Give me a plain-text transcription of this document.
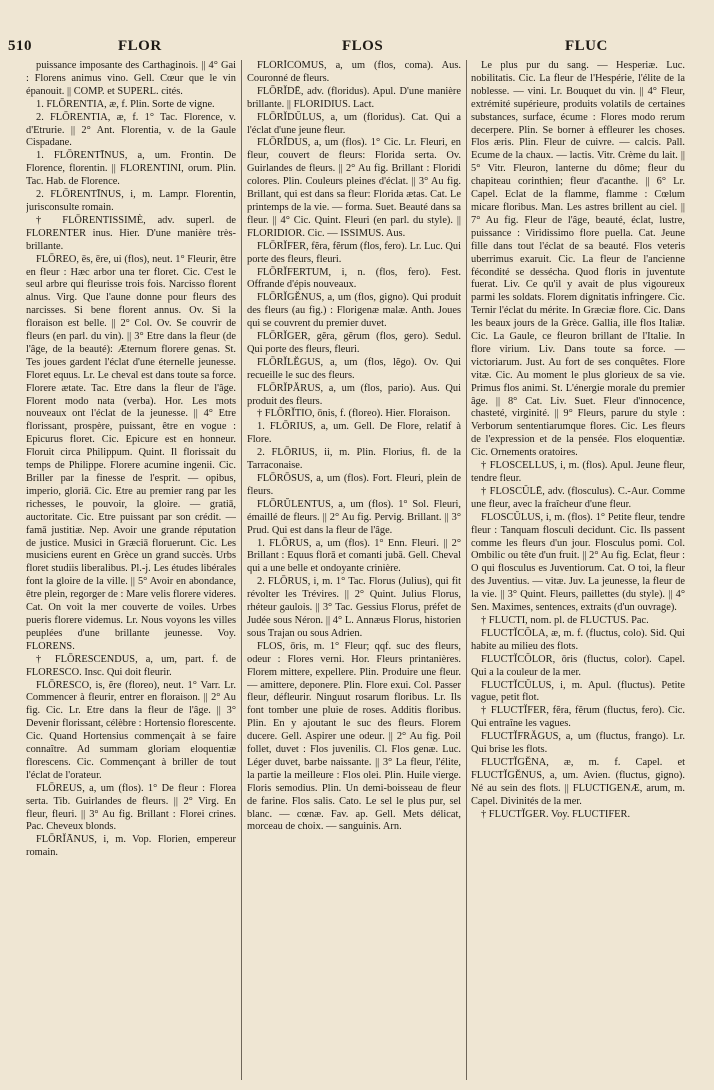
510	FLOR	FLOS	FLUC

puissance imposante des Carthaginois. || 4° Gai : Florens animus vino. Gell. Cœur que le vin épanouit. || COMP. et SUPERL. cités.

1. FLŌRENTIA, æ, f. Plin. Sorte de vigne.

2. FLŌRENTIA, æ, f. 1° Tac. Florence, v. d'Etrurie. || 2° Ant. Florentia, v. de la Gaule Cispadane.

1. FLŌRENTĪNUS, a, um. Frontin. De Florence, florentin. || FLORENTINI, orum. Plin. Tac. Hab. de Florence.

2. FLŌRENTĪNUS, i, m. Lampr. Florentin, jurisconsulte romain.

† FLŌRENTISSIMÈ, adv. superl. de FLORENTER inus. Hier. D'une manière très-brillante.

FLŌREO, ēs, ēre, ui (flos), neut. 1° Fleurir, être en fleur : Hæc arbor una ter floret. Cic. C'est le seul arbre qui fleurisse trois fois. Narcisso florent alnus. Virg. Que l'aune donne pour fleurs des narcisses. Si bene florent annus. Ov. Si la floraison est belle. || 2° Col. Ov. Se couvrir de fleurs (en parl. du vin). || 3° Etre dans la fleur (de l'âge, de la beauté): Æternum florere genas. St. Tes joues gardent l'éclat d'une éternelle jeunesse. Floret equus. Lr. Le cheval est dans toute sa force. Florere ætate. Tac. Etre dans la fleur de l'âge. Florent modo nata (verba). Hor. Les mots nouveaux ont l'éclat de la jeunesse. || 4° Etre florissant, prospère, puissant, être en vogue : Epicurus floret. Cic. Epicure est en honneur. Floruit circa Philippum. Quint. Il florissait du temps de Philippe. Florere acumine ingenii. Cic. Briller par la finesse de l'esprit. — opibus, imperio, gloriā. Cic. Etre au premier rang par les richesses, le pouvoir, la gloire. — gratiā, auctoritate. Cic. Etre puissant par son crédit. — famā justitiæ. Nep. Avoir une grande réputation de justice. Musici in Græciā floruerunt. Cic. Les musiciens eurent en Grèce un grand succès. Urbs floret studiis liberalibus. Pl.-j. Les études libérales font la gloire de la ville. || 5° Avoir en abondance, être plein, regorger de : Mare velis florere videres. Cat. On voit la mer couverte de voiles. Urbes pueris florere videmus. Lr. Nous voyons les villes peuplées d'une brillante jeunesse. Voy. FLORENS.

† FLŌRESCENDUS, a, um, part. f. de FLORESCO. Insc. Qui doit fleurir.

FLŌRESCO, is, ĕre (floreo), neut. 1° Varr. Lr. Commencer à fleurir, entrer en floraison. || 2° Au fig. Cic. Lr. Etre dans la fleur de l'âge. || 3° Devenir florissant, célèbre : Hortensio florescente. Cic. Quand Hortensius commençait à se faire connaître. Ad summam gloriam eloquentiæ florescens. Cic. Commençant à briller de tout l'éclat de l'orateur.

FLŌREUS, a, um (flos). 1° De fleur : Florea serta. Tib. Guirlandes de fleurs. || 2° Virg. En fleur, fleuri. || 3° Au fig. Brillant : Florei crines. Pac. Cheveux blonds.

FLŌRĬĀNUS, i, m. Vop. Florien, empereur romain.

FLŌRĬCŌMUS, a, um (flos, coma). Aus. Couronné de fleurs.

FLŌRĬDĒ, adv. (floridus). Apul. D'une manière brillante. || FLORIDIUS. Lact.

FLŌRĬDŬLUS, a, um (floridus). Cat. Qui a l'éclat d'une jeune fleur.

FLŌRĬDUS, a, um (flos). 1° Cic. Lr. Fleuri, en fleur, couvert de fleurs: Florida serta. Ov. Guirlandes de fleurs. || 2° Au fig. Brillant : Floridi colores. Plin. Couleurs pleines d'éclat. || 3° Au fig. Brillant, qui est dans sa fleur: Florida ætas. Cat. Le printemps de la vie. — forma. Suet. Beauté dans sa fleur. || 4° Cic. Quint. Fleuri (en parl. du style). || FLORIDIOR. Cic. — ISSIMUS. Aus.

FLŌRĬFER, fĕra, fĕrum (flos, fero). Lr. Luc. Qui porte des fleurs, fleuri.

FLŌRĬFERTUM, i, n. (flos, fero). Fest. Offrande d'épis nouveaux.

FLŌRĬGĔNUS, a, um (flos, gigno). Qui produit des fleurs (au fig.) : Florigenæ malæ. Anth. Joues qui se couvrent du premier duvet.

FLŌRĬGER, gĕra, gĕrum (flos, gero). Sedul. Qui porte des fleurs, fleuri.

FLŌRĬLĔGUS, a, um (flos, lĕgo). Ov. Qui recueille le suc des fleurs.

FLŌRĬPĂRUS, a, um (flos, pario). Aus. Qui produit des fleurs.

† FLŌRĬTIO, ōnis, f. (floreo). Hier. Floraison.

1. FLŌRIUS, a, um. Gell. De Flore, relatif à Flore.

2. FLŌRIUS, ii, m. Plin. Florius, fl. de la Tarraconaise.

FLŌRŌSUS, a, um (flos). Fort. Fleuri, plein de fleurs.

FLŌRŬLENTUS, a, um (flos). 1° Sol. Fleuri, émaillé de fleurs. || 2° Au fig. Pervig. Brillant. || 3° Prud. Qui est dans la fleur de l'âge.

1. FLŌRUS, a, um (flos). 1° Enn. Fleuri. || 2° Brillant : Equus florā et comanti jubā. Gell. Cheval qui a une belle et ondoyante crinière.

2. FLŌRUS, i, m. 1° Tac. Florus (Julius), qui fit révolter les Trévires. || 2° Quint. Julius Florus, rhéteur gaulois. || 3° Tac. Gessius Florus, préfet de Judée sous Néron. || 4° L. Annæus Florus, historien sous Trajan ou sous Adrien.

FLOS, ōris, m. 1° Fleur; qqf. suc des fleurs, odeur : Flores verni. Hor. Fleurs printanières. Florem mittere, expellere. Plin. Produire une fleur. — amittere, deponere. Plin. Flore exui. Col. Passer fleur, défleurir. Ninguut rosarum floribus. Lr. Ils font tomber une pluie de roses. Additis floribus. Plin. En y ajoutant le suc des fleurs. Florem ducere. Gell. Aspirer une odeur. || 2° Au fig. Poil follet, duvet : Flos juvenilis. Cl. Flos genæ. Luc. Léger duvet, barbe naissante. || 3° La fleur, l'élite, la partie la meilleure : Flos olei. Plin. Huile vierge. Floris semodius. Plin. Un demi-boisseau de fleur de farine. Flos salis. Cato. Le sel le plus pur, sel blanc. — cœnæ. Fav. ap. Gell. Mets délicat, morceau de choix. — sanguinis. Arn.

Le plus pur du sang. — Hesperiæ. Luc. nobilitatis. Cic. La fleur de l'Hespérie, l'élite de la noblesse. — vini. Lr. Bouquet du vin. || 4° Fleur, extrémité supérieure, produits volatils de certaines substances, surface, écume : Flores modo rerum decerpere. Plin. Se borner à effleurer les choses. Flos æris. Plin. Fleur de cuivre. — calcis. Pall. Ecume de la chaux. — lactis. Vitr. Crème du lait. || 5° Vitr. Fleuron, lanterne du dôme; fleur du chapiteau corinthien; fleur d'acanthe. || 6° Lr. Capel. Eclat de la flamme, flamme : Cœlum micare floribus. Man. Les astres brillent au ciel. || 7° Au fig. Fleur de l'âge, beauté, éclat, lustre, puissance : Viridissimo flore puella. Cat. Jeune fille dans tout l'éclat de sa beauté. Flos veteris uberrimus exaruit. Cic. La fleur de l'ancienne fécondité se dessécha. Quod floris in juventute fuerat. Liv. Ce qu'il y avait de plus vigoureux parmi les soldats. Florem dignitatis infringere. Cic. Ternir l'éclat du mérite. In Græciæ flore. Cic. Dans les beaux jours de la Grèce. Gallia, ille flos Italiæ. Cic. La Gaule, ce fleuron brillant de l'Italie. In flore virium. Liv. Dans toute sa force. — victoriarum. Just. Au fort de ses conquêtes. Flore vitæ. Cic. Au moment le plus glorieux de sa vie. Primus flos animi. St. L'énergie morale du premier âge. || 8° Cat. Liv. Suet. Fleur d'innocence, chasteté, virginité. || 9° Fleurs, parure du style : Verborum sententiarumque flores. Cic. Les fleurs de l'expression et de la pensée. Flos eloquentiæ. Cic. Ornements oratoires.

† FLOSCELLUS, i, m. (flos). Apul. Jeune fleur, tendre fleur.

† FLOSCŬLĒ, adv. (flosculus). C.-Aur. Comme une fleur, avec la fraîcheur d'une fleur.

FLOSCŬLUS, i, m. (flos). 1° Petite fleur, tendre fleur : Tanquam flosculi decidunt. Cic. Ils passent comme les fleurs d'un jour. Flosculus pomi. Col. Ombilic ou tête d'un fruit. || 2° Au fig. Eclat, fleur : O qui flosculus es Juventiorum. Cat. O toi, la fleur des Juventius. — vitæ. Juv. La jeunesse, la fleur de la vie. || 3° Quint. Fleurs, paillettes (du style). || 4° Sen. Maximes, sentences, extraits (d'un ouvrage).

† FLUCTI, nom. pl. de FLUCTUS. Pac.

FLUCTĬCŎLA, æ, m. f. (fluctus, colo). Sid. Qui habite au milieu des flots.

FLUCTĬCŎLOR, ōris (fluctus, color). Capel. Qui a la couleur de la mer.

FLUCTĬCŬLUS, i, m. Apul. (fluctus). Petite vague, petit flot.

† FLUCTĬFER, fĕra, fĕrum (fluctus, fero). Cic. Qui entraîne les vagues.

FLUCTĬFRĂGUS, a, um (fluctus, frango). Lr. Qui brise les flots.

FLUCTĬGĔNA, æ, m. f. Capel. et FLUCTĬGĔNUS, a, um. Avien. (fluctus, gigno). Né au sein des flots. || FLUCTIGENÆ, arum, m. Capel. Divinités de la mer.

† FLUCTĬGER. Voy. FLUCTIFER.
